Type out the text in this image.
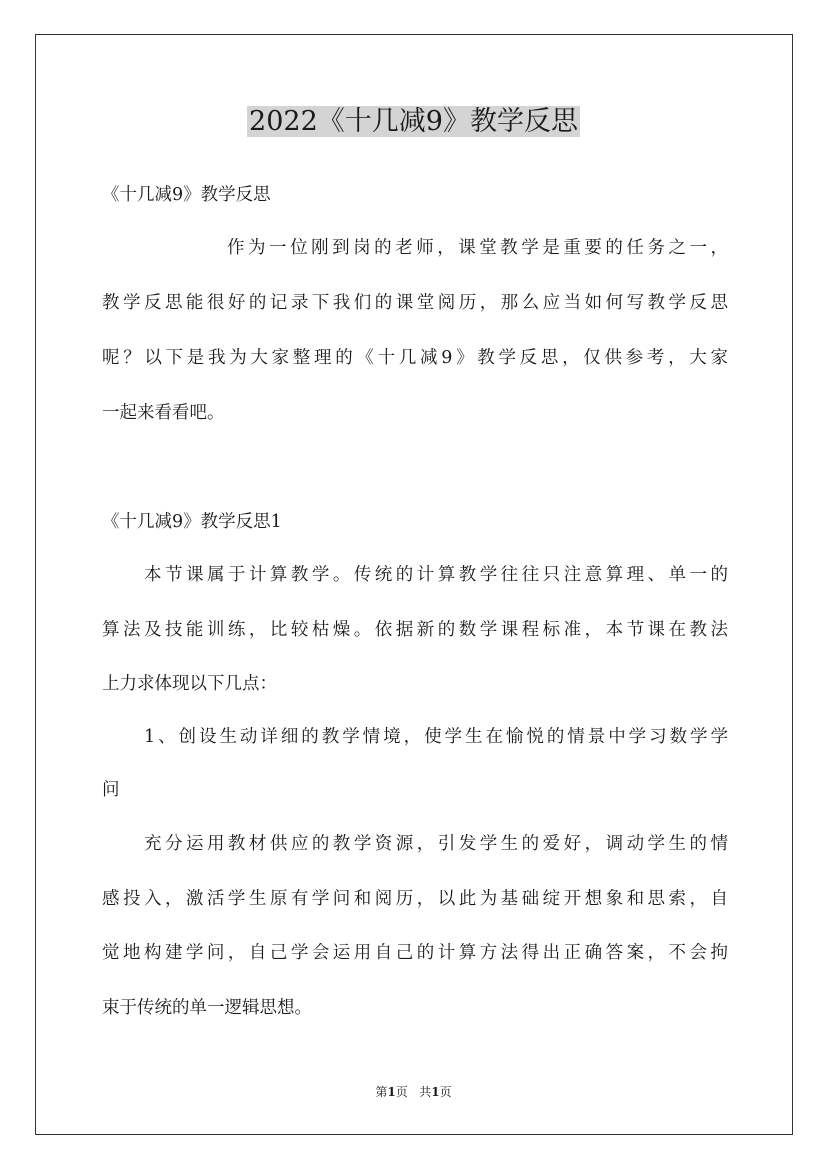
2022《十几减9》教学反思
《十几减9》教学反思
作为一位刚到岗的老师，课堂教学是重要的任务之一，
教学反思能很好的记录下我们的课堂阅历，那么应当如何写教学反思
呢？以下是我为大家整理的《十几减9》教学反思，仅供参考，大家
一起来看看吧。
《十几减9》教学反思1
本节课属于计算教学。传统的计算教学往往只注意算理、单一的
算法及技能训练，比较枯燥。依据新的数学课程标准，本节课在教法
上力求体现以下几点：
1、创设生动详细的教学情境，使学生在愉悦的情景中学习数学学
问
充分运用教材供应的教学资源，引发学生的爱好，调动学生的情
感投入，激活学生原有学问和阅历，以此为基础绽开想象和思索，自
觉地构建学问，自己学会运用自己的计算方法得出正确答案，不会拘
束于传统的单一逻辑思想。
第1页 共1页
